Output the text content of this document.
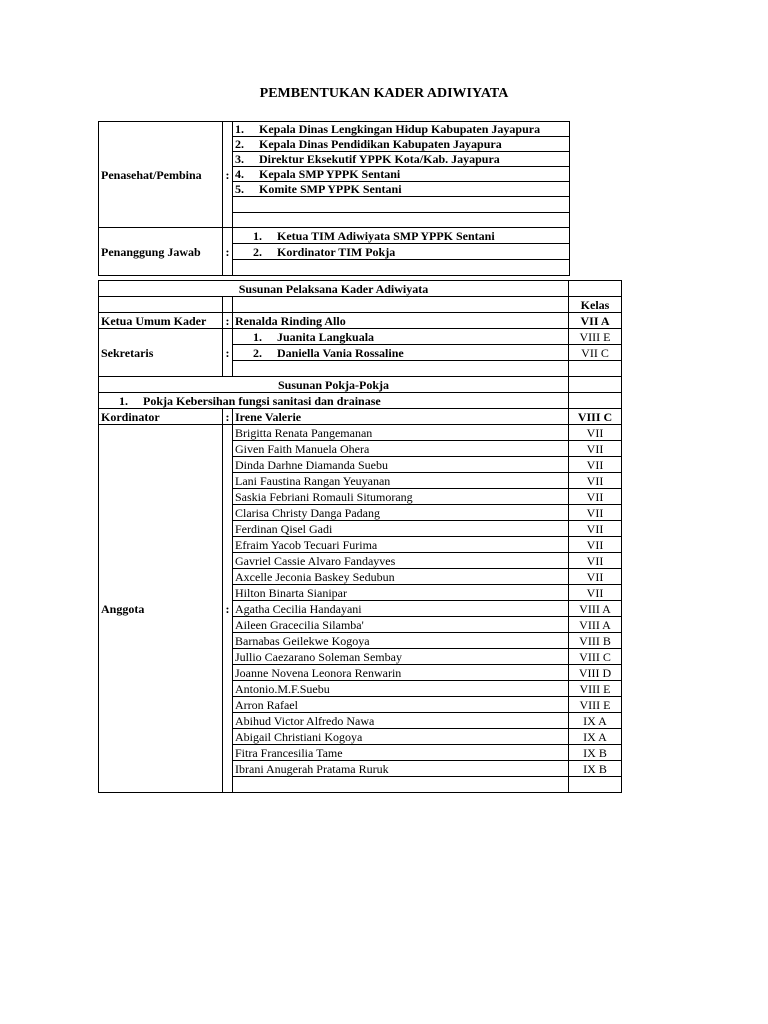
PEMBENTUKAN KADER ADIWIYATA
Penasehat/Pembina	:	1. Kepala Dinas Lengkingan Hidup Kabupaten Jayapura
		2. Kepala Dinas Pendidikan Kabupaten Jayapura
		3. Direktur Eksekutif YPPK Kota/Kab. Jayapura
		4. Kepala SMP YPPK Sentani
		5. Komite SMP YPPK Sentani

Penanggung Jawab	:	1. Ketua TIM Adiwiyata SMP YPPK Sentani
		2. Kordinator TIM Pokja

Susunan Pelaksana Kader Adiwiyata			
			Kelas
Ketua Umum Kader	:	Renalda Rinding Allo	VII A
Sekretaris	:	1. Juanita Langkuala	VIII E
		2. Daniella Vania Rossaline	VII C

Susunan Pokja-Pokja			
1. Pokja Kebersihan fungsi sanitasi dan drainase			
Kordinator	:	Irene Valerie	VIII C
Anggota	:	Brigitta Renata Pangemanan	VII
		Given Faith Manuela Ohera	VII
		Dinda Darhne Diamanda Suebu	VII
		Lani Faustina Rangan Yeuyanan	VII
		Saskia Febriani Romauli Situmorang	VII
		Clarisa Christy Danga Padang	VII
		Ferdinan Qisel Gadi	VII
		Efraim Yacob Tecuari Furima	VII
		Gavriel Cassie Alvaro Fandayves	VII
		Axcelle Jeconia Baskey Sedubun	VII
		Hilton Binarta Sianipar	VII
		Agatha Cecilia Handayani	VIII A
		Aileen Gracecilia Silamba'	VIII A
		Barnabas Geilekwe Kogoya	VIII B
		Jullio Caezarano Soleman Sembay	VIII C
		Joanne Novena Leonora Renwarin	VIII D
		Antonio.M.F.Suebu	VIII E
		Arron Rafael	VIII E
		Abihud Victor Alfredo Nawa	IX A
		Abigail Christiani Kogoya	IX A
		Fitra Francesilia Tame	IX B
		Ibrani Anugerah Pratama Ruruk	IX B
